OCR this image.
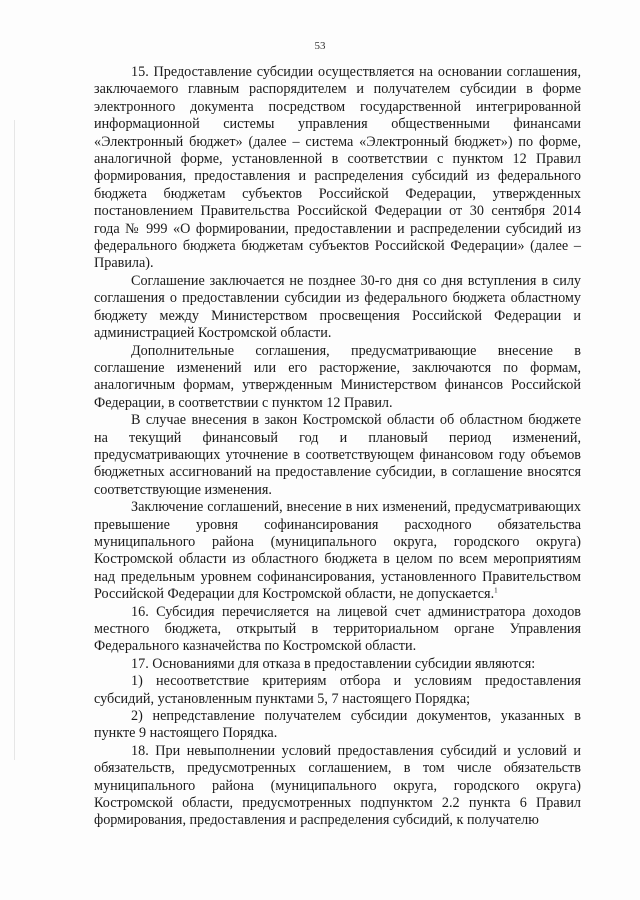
53

15. Предоставление субсидии осуществляется на основании соглашения, заключаемого главным распорядителем и получателем субсидии в форме электронного документа посредством государственной интегрированной информационной системы управления общественными финансами «Электронный бюджет» (далее – система «Электронный бюджет») по форме, аналогичной форме, установленной в соответствии с пунктом 12 Правил формирования, предоставления и распределения субсидий из федерального бюджета бюджетам субъектов Российской Федерации, утвержденных постановлением Правительства Российской Федерации от 30 сентября 2014 года № 999 «О формировании, предоставлении и распределении субсидий из федерального бюджета бюджетам субъектов Российской Федерации» (далее – Правила).

Соглашение заключается не позднее 30-го дня со дня вступления в силу соглашения о предоставлении субсидии из федерального бюджета областному бюджету между Министерством просвещения Российской Федерации и администрацией Костромской области.

Дополнительные соглашения, предусматривающие внесение в соглашение изменений или его расторжение, заключаются по формам, аналогичным формам, утвержденным Министерством финансов Российской Федерации, в соответствии с пунктом 12 Правил.

В случае внесения в закон Костромской области об областном бюджете на текущий финансовый год и плановый период изменений, предусматривающих уточнение в соответствующем финансовом году объемов бюджетных ассигнований на предоставление субсидии, в соглашение вносятся соответствующие изменения.

Заключение соглашений, внесение в них изменений, предусматривающих превышение уровня софинансирования расходного обязательства муниципального района (муниципального округа, городского округа) Костромской области из областного бюджета в целом по всем мероприятиям над предельным уровнем софинансирования, установленного Правительством Российской Федерации для Костромской области, не допускается.$^1$

16. Субсидия перечисляется на лицевой счет администратора доходов местного бюджета, открытый в территориальном органе Управления Федерального казначейства по Костромской области.

17. Основаниями для отказа в предоставлении субсидии являются:

1) несоответствие критериям отбора и условиям предоставления субсидий, установленным пунктами 5, 7 настоящего Порядка;

2) непредставление получателем субсидии документов, указанных в пункте 9 настоящего Порядка.

18. При невыполнении условий предоставления субсидий и условий и обязательств, предусмотренных соглашением, в том числе обязательств муниципального района (муниципального округа, городского округа) Костромской области, предусмотренных подпунктом 2.2 пункта 6 Правил формирования, предоставления и распределения субсидий, к получателю
